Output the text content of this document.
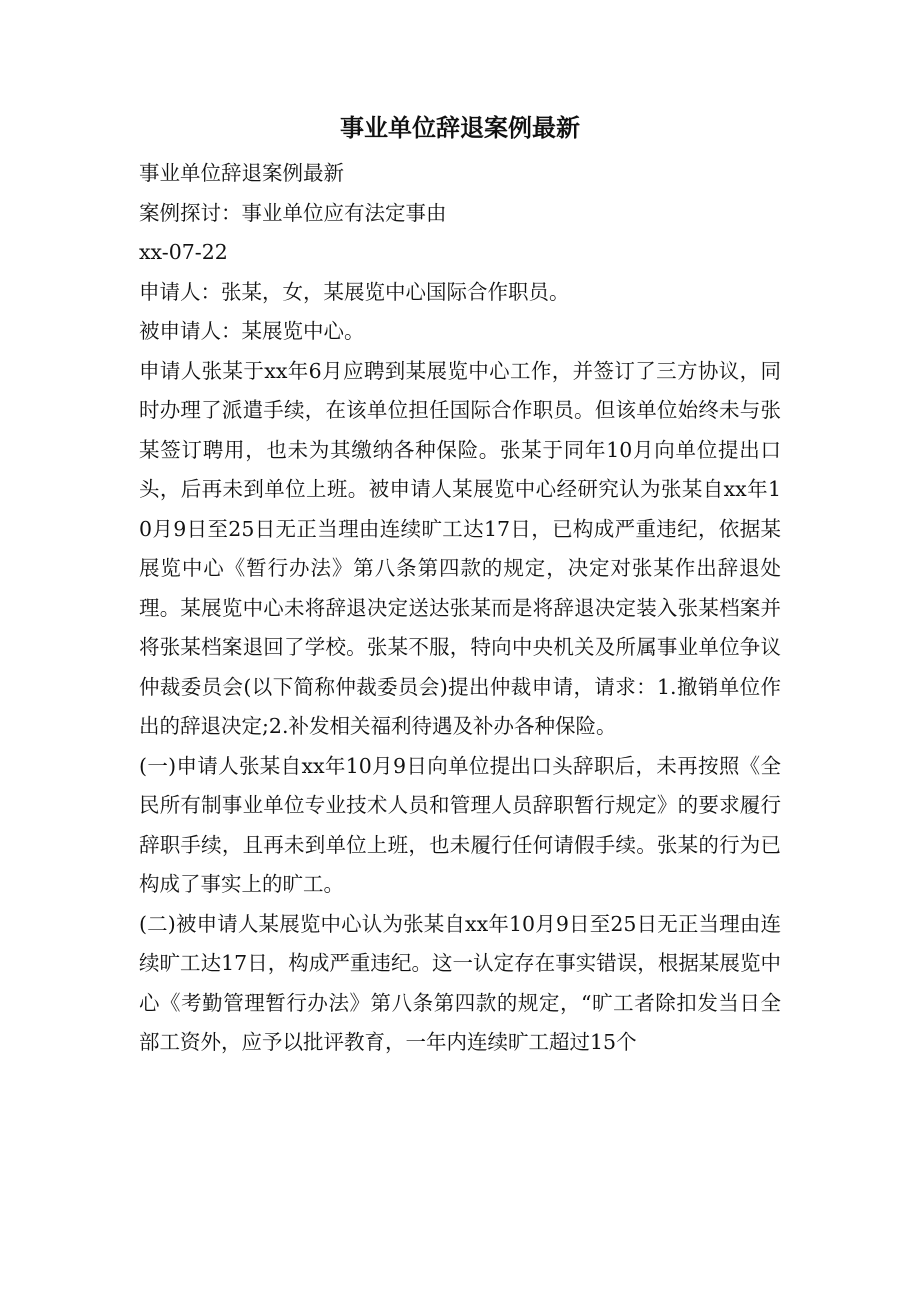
事业单位辞退案例最新

事业单位辞退案例最新

案例探讨：事业单位应有法定事由

xx-07-22

申请人：张某，女，某展览中心国际合作职员。

被申请人：某展览中心。

申请人张某于xx年6月应聘到某展览中心工作，并签订了三方协议，同时办理了派遣手续，在该单位担任国际合作职员。但该单位始终未与张某签订聘用，也未为其缴纳各种保险。张某于同年10月向单位提出口头，后再未到单位上班。被申请人某展览中心经研究认为张某自xx年10月9日至25日无正当理由连续旷工达17日，已构成严重违纪，依据某展览中心《暂行办法》第八条第四款的规定，决定对张某作出辞退处理。某展览中心未将辞退决定送达张某而是将辞退决定装入张某档案并将张某档案退回了学校。张某不服，特向中央机关及所属事业单位争议仲裁委员会(以下简称仲裁委员会)提出仲裁申请，请求：1.撤销单位作出的辞退决定;2.补发相关福利待遇及补办各种保险。

(一)申请人张某自xx年10月9日向单位提出口头辞职后，未再按照《全民所有制事业单位专业技术人员和管理人员辞职暂行规定》的要求履行辞职手续，且再未到单位上班，也未履行任何请假手续。张某的行为已构成了事实上的旷工。

(二)被申请人某展览中心认为张某自xx年10月9日至25日无正当理由连续旷工达17日，构成严重违纪。这一认定存在事实错误，根据某展览中心《考勤管理暂行办法》第八条第四款的规定，“旷工者除扣发当日全部工资外，应予以批评教育，一年内连续旷工超过15个
